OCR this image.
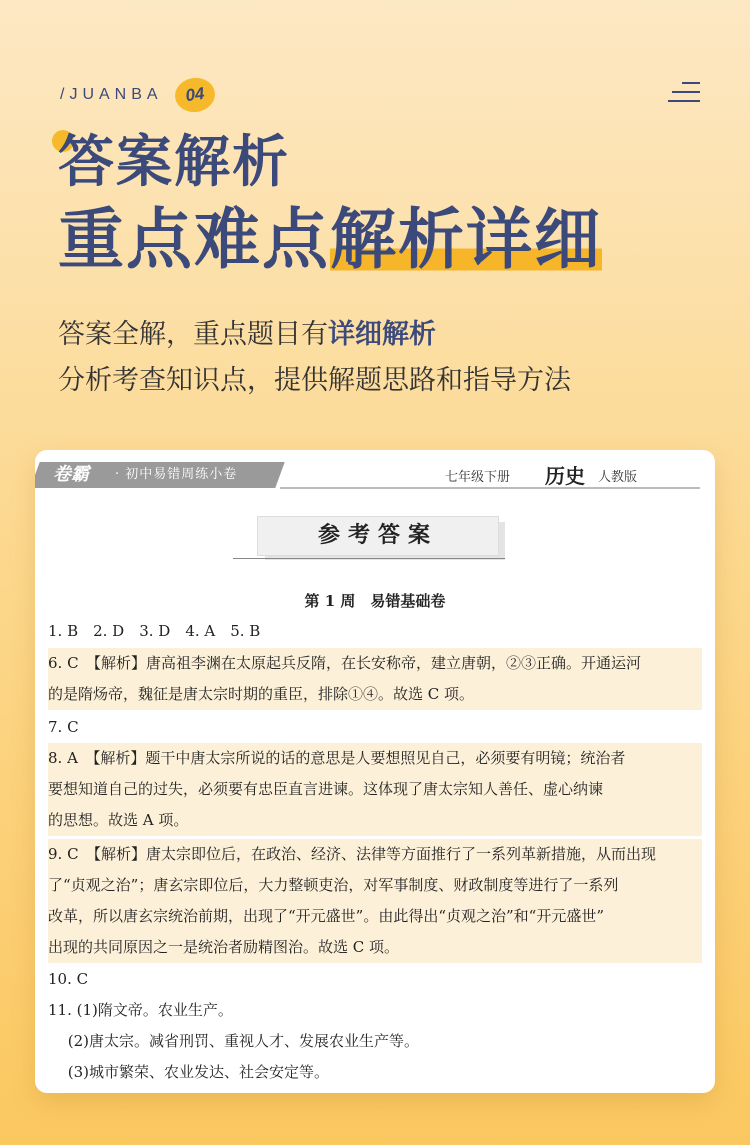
/JUANBA	04
答案解析
重点难点解析详细
答案全解，重点题目有详细解析
分析考查知识点，提供解题思路和指导方法
卷霸 · 初中易错周练小卷	七年级下册 历史 人教版
参考答案
第 1 周　易错基础卷
1. B　2. D　3. D　4. A　5. B
6. C　【解析】唐高祖李渊在太原起兵反隋，在长安称帝，建立唐朝，②③正确。开通运河
的是隋炀帝，魏征是唐太宗时期的重臣，排除①④。故选 C 项。
7. C
8. A　【解析】题干中唐太宗所说的话的意思是人要想照见自己，必须要有明镜；统治者
要想知道自己的过失，必须要有忠臣直言进谏。这体现了唐太宗知人善任、虚心纳谏
的思想。故选 A 项。
9. C　【解析】唐太宗即位后，在政治、经济、法律等方面推行了一系列革新措施，从而出现
了“贞观之治”；唐玄宗即位后，大力整顿吏治，对军事制度、财政制度等进行了一系列
改革，所以唐玄宗统治前期，出现了“开元盛世”。由此得出“贞观之治”和“开元盛世”
出现的共同原因之一是统治者励精图治。故选 C 项。
10. C
11. (1)隋文帝。农业生产。
　 (2)唐太宗。减省刑罚、重视人才、发展农业生产等。
　 (3)城市繁荣、农业发达、社会安定等。
